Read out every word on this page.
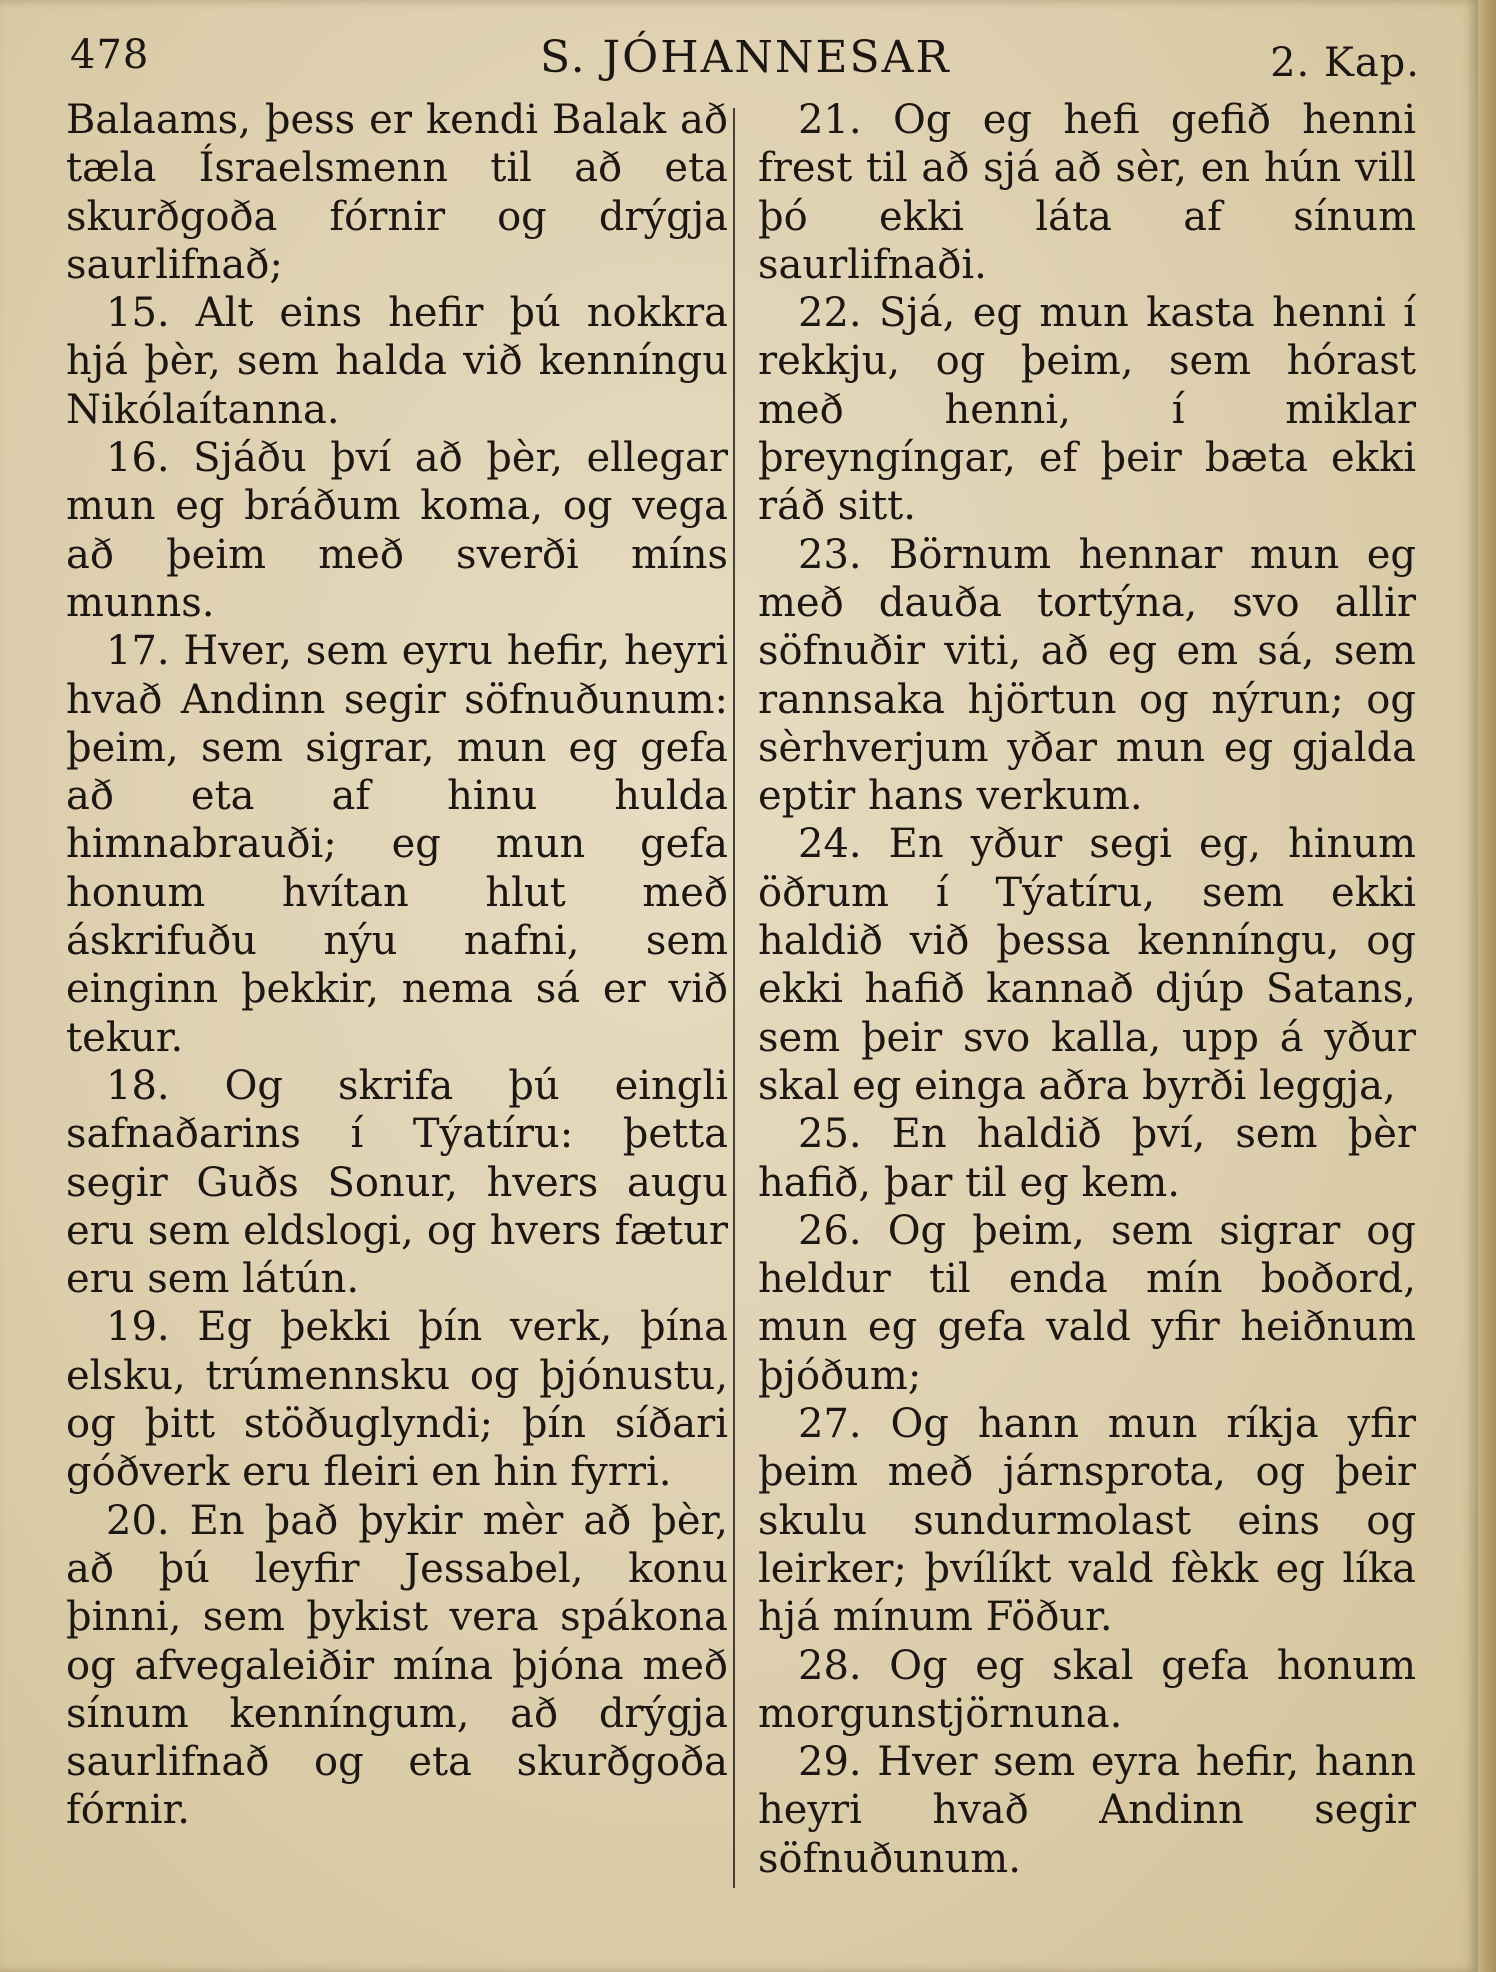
478	S. JÓHANNESAR	2. Kap.

Balaams, þess er kendi Balak að tæla Ísraelsmenn til að eta skurðgoða fórnir og drýgja saurlifnað;

15. Alt eins hefir þú nokkra hjá þèr, sem halda við kenníngu Nikólaítanna.

16. Sjáðu því að þèr, ellegar mun eg bráðum koma, og vega að þeim með sverði míns munns.

17. Hver, sem eyru hefir, heyri hvað Andinn segir söfnuðunum: þeim, sem sigrar, mun eg gefa að eta af hinu hulda himnabrauði; eg mun gefa honum hvítan hlut með áskrifuðu nýu nafni, sem einginn þekkir, nema sá er við tekur.

18. Og skrifa þú eingli safnaðarins í Týatíru: þetta segir Guðs Sonur, hvers augu eru sem eldslogi, og hvers fætur eru sem látún.

19. Eg þekki þín verk, þína elsku, trúmennsku og þjónustu, og þitt stöðuglyndi; þín síðari góðverk eru fleiri en hin fyrri.

20. En það þykir mèr að þèr, að þú leyfir Jessabel, konu þinni, sem þykist vera spákona og afvegaleiðir mína þjóna með sínum kenníngum, að drýgja saurlifnað og eta skurðgoða fórnir.

21. Og eg hefi gefið henni frest til að sjá að sèr, en hún vill þó ekki láta af sínum saurlifnaði.

22. Sjá, eg mun kasta henni í rekkju, og þeim, sem hórast með henni, í miklar þreyngíngar, ef þeir bæta ekki ráð sitt.

23. Börnum hennar mun eg með dauða tortýna, svo allir söfnuðir viti, að eg em sá, sem rannsaka hjörtun og nýrun; og sèrhverjum yðar mun eg gjalda eptir hans verkum.

24. En yður segi eg, hinum öðrum í Týatíru, sem ekki haldið við þessa kenníngu, og ekki hafið kannað djúp Satans, sem þeir svo kalla, upp á yður skal eg einga aðra byrði leggja,

25. En haldið því, sem þèr hafið, þar til eg kem.

26. Og þeim, sem sigrar og heldur til enda mín boðord, mun eg gefa vald yfir heiðnum þjóðum;

27. Og hann mun ríkja yfir þeim með járnsprota, og þeir skulu sundurmolast eins og leirker; þvílíkt vald fèkk eg líka hjá mínum Föður.

28. Og eg skal gefa honum morgunstjörnuna.

29. Hver sem eyra hefir, hann heyri hvað Andinn segir söfnuðunum.
